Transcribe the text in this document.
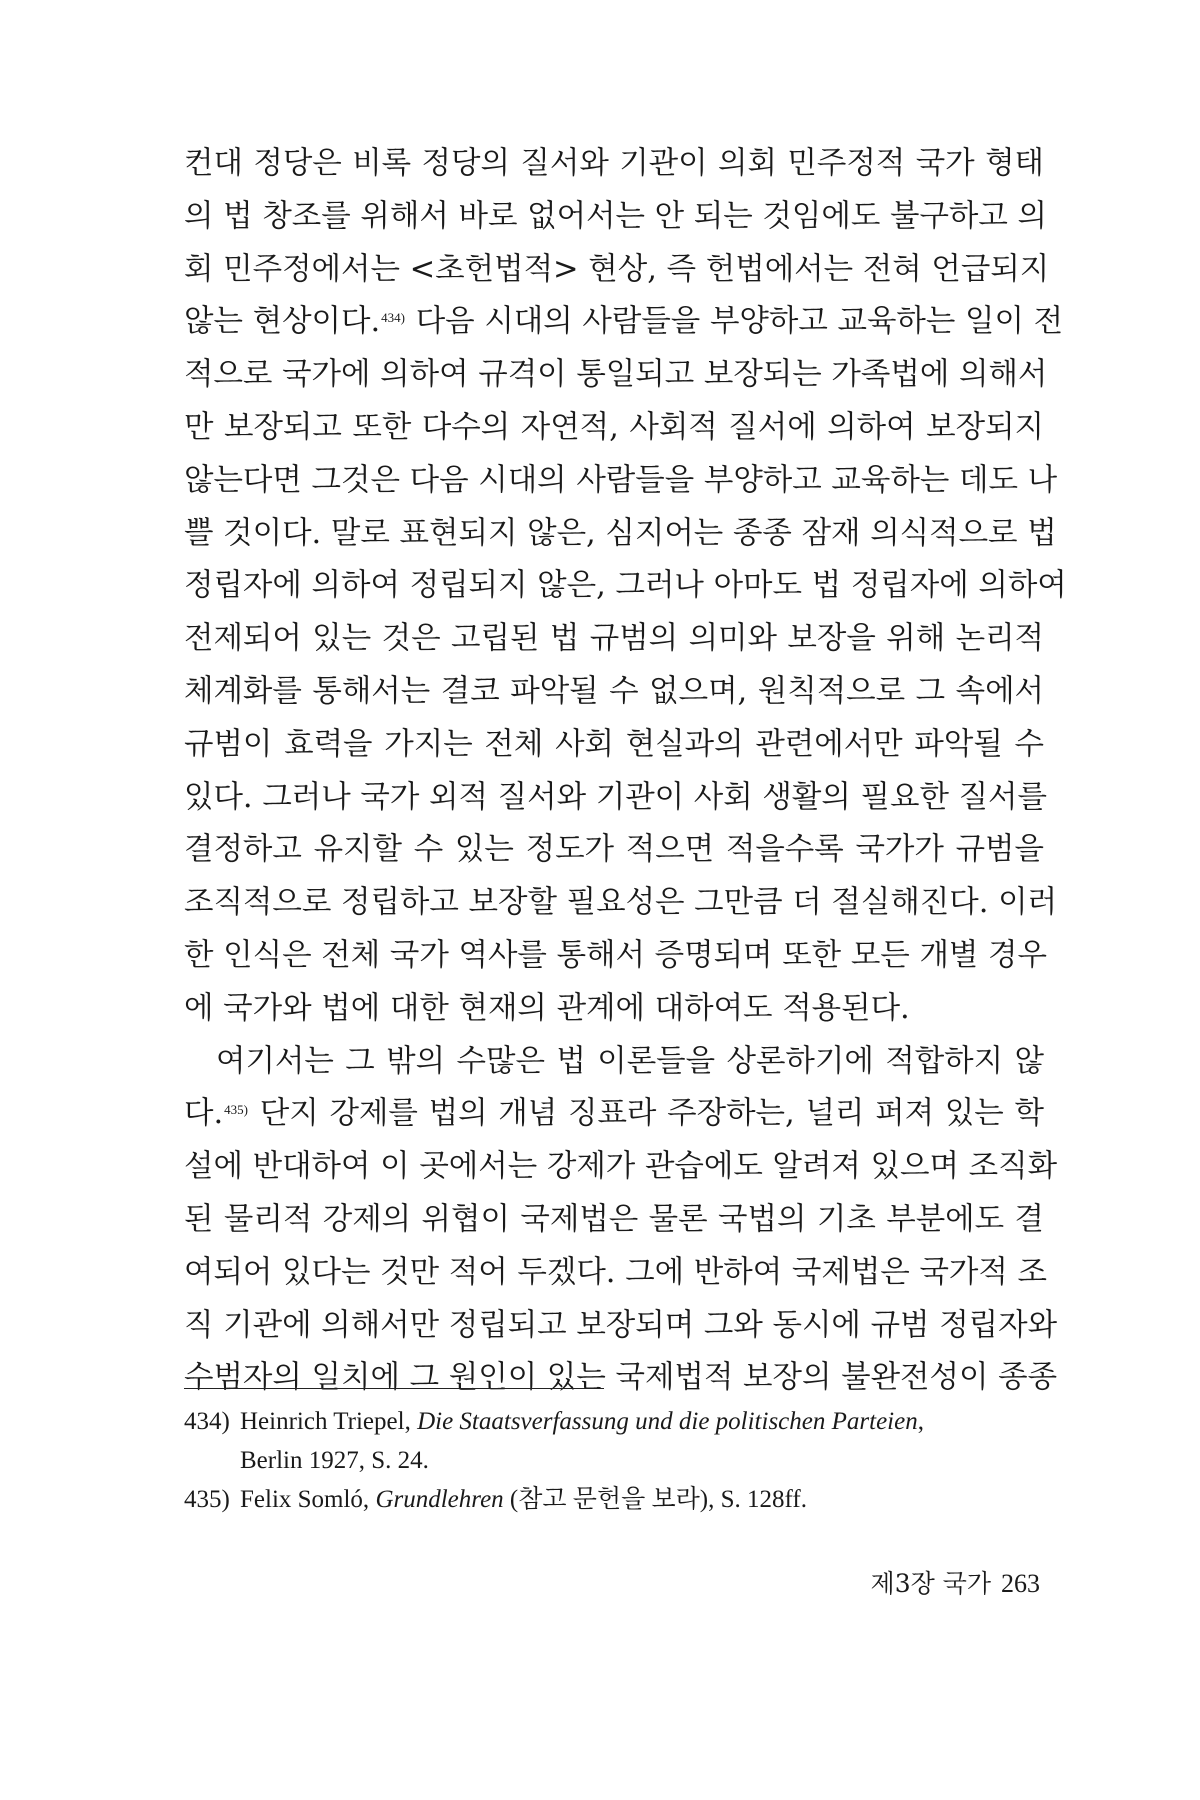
컨대 정당은 비록 정당의 질서와 기관이 의회 민주정적 국가 형태
의 법 창조를 위해서 바로 없어서는 안 되는 것임에도 불구하고 의
회 민주정에서는 <초헌법적> 현상, 즉 헌법에서는 전혀 언급되지
않는 현상이다.$^{434)}$ 다음 시대의 사람들을 부양하고 교육하는 일이 전
적으로 국가에 의하여 규격이 통일되고 보장되는 가족법에 의해서
만 보장되고 또한 다수의 자연적, 사회적 질서에 의하여 보장되지
않는다면 그것은 다음 시대의 사람들을 부양하고 교육하는 데도 나
쁠 것이다. 말로 표현되지 않은, 심지어는 종종 잠재 의식적으로 법
정립자에 의하여 정립되지 않은, 그러나 아마도 법 정립자에 의하여
전제되어 있는 것은 고립된 법 규범의 의미와 보장을 위해 논리적
체계화를 통해서는 결코 파악될 수 없으며, 원칙적으로 그 속에서
규범이 효력을 가지는 전체 사회 현실과의 관련에서만 파악될 수
있다. 그러나 국가 외적 질서와 기관이 사회 생활의 필요한 질서를
결정하고 유지할 수 있는 정도가 적으면 적을수록 국가가 규범을
조직적으로 정립하고 보장할 필요성은 그만큼 더 절실해진다. 이러
한 인식은 전체 국가 역사를 통해서 증명되며 또한 모든 개별 경우
에 국가와 법에 대한 현재의 관계에 대하여도 적용된다.
여기서는 그 밖의 수많은 법 이론들을 상론하기에 적합하지 않
다.$^{435)}$ 단지 강제를 법의 개념 징표라 주장하는, 널리 퍼져 있는 학
설에 반대하여 이 곳에서는 강제가 관습에도 알려져 있으며 조직화
된 물리적 강제의 위협이 국제법은 물론 국법의 기초 부분에도 결
여되어 있다는 것만 적어 두겠다. 그에 반하여 국제법은 국가적 조
직 기관에 의해서만 정립되고 보장되며 그와 동시에 규범 정립자와
수범자의 일치에 그 원인이 있는 국제법적 보장의 불완전성이 종종

434) Heinrich Triepel, Die Staatsverfassung und die politischen Parteien,
Berlin 1927, S. 24.

435) Felix Somló, Grundlehren (참고 문헌을 보라), S. 128ff.

제3장 국가 263
